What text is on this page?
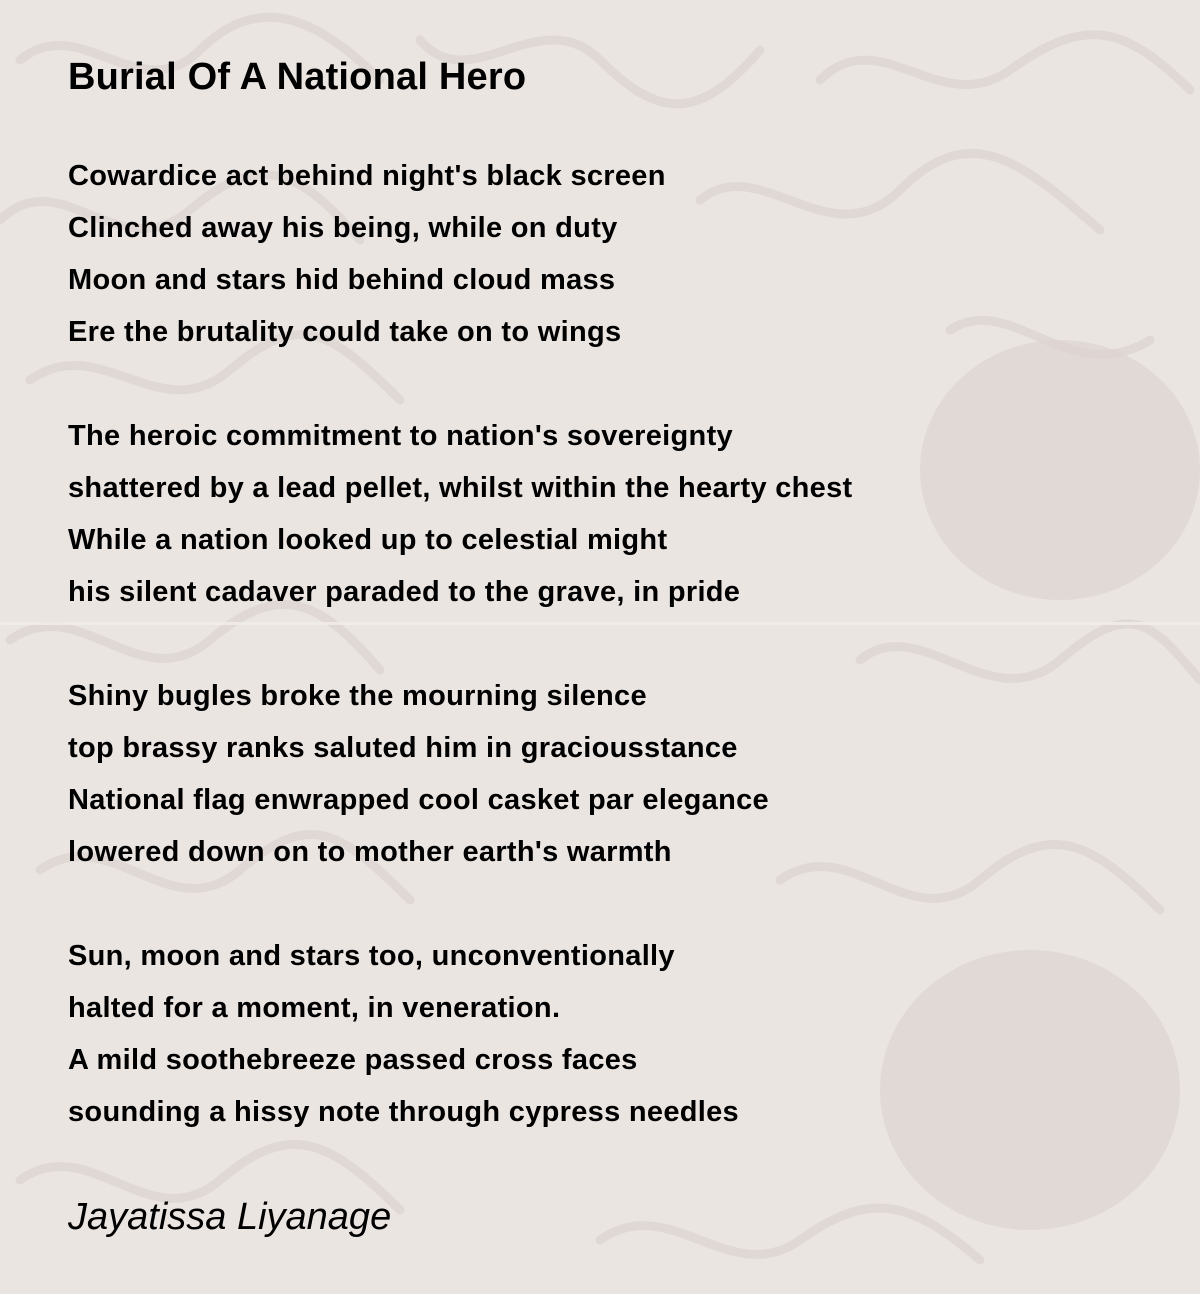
Burial Of A National Hero
Cowardice act behind night's black screen
Clinched away his being, while on duty
Moon and stars hid behind cloud mass
Ere the brutality could take on to wings
The heroic commitment to nation's sovereignty
shattered by a lead pellet, whilst within the hearty chest
While a nation looked up to celestial might
his silent cadaver paraded to the grave, in pride
Shiny bugles broke the mourning silence
top brassy ranks saluted him in graciousstance
National flag enwrapped cool casket par elegance
lowered down on to mother earth's warmth
Sun, moon and stars too, unconventionally
halted for a moment, in veneration.
A mild soothebreeze passed cross faces
sounding a hissy note through cypress needles
Jayatissa Liyanage
